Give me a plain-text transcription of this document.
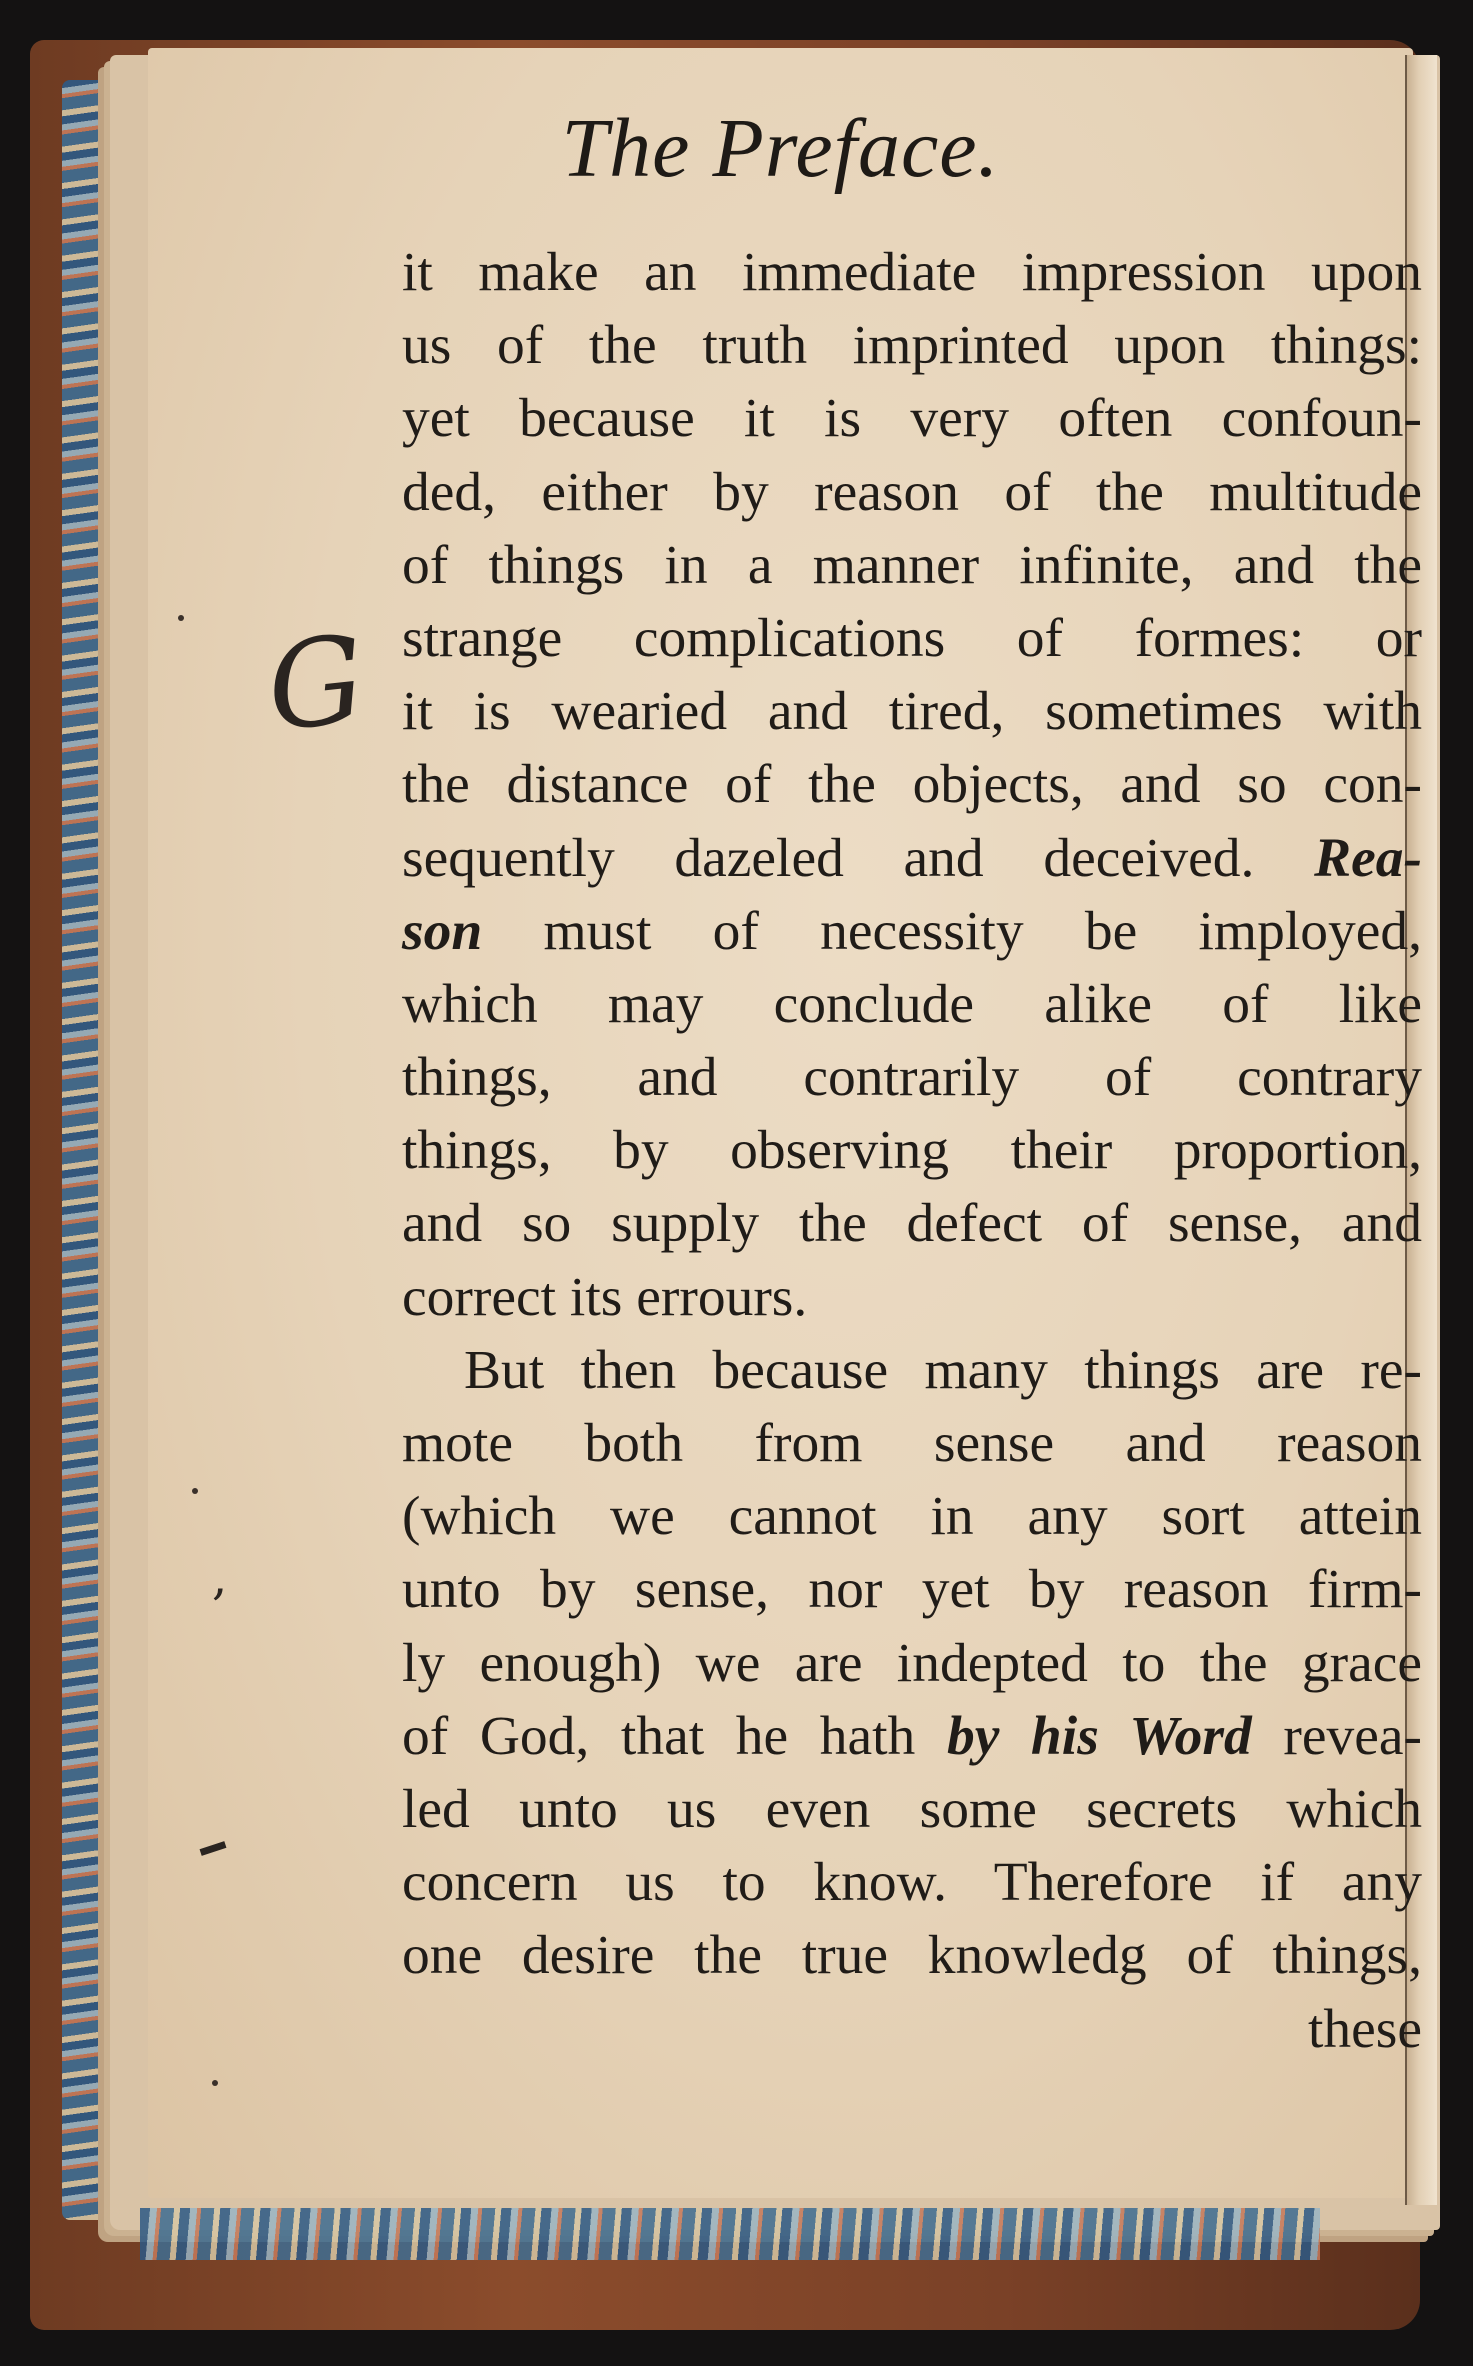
The Preface.
G
,
it make an immediate impression upon
us of the truth imprinted upon things:
yet because it is very often confoun-
ded, either by reason of the multitude
of things in a manner infinite, and the
strange complications of formes: or
it is wearied and tired, sometimes with
the distance of the objects, and so con-
sequently dazeled and deceived. Rea-
son must of necessity be imployed,
which may conclude alike of like
things, and contrarily of contrary
things, by observing their proportion,
and so supply the defect of sense, and
correct its errours.
But then because many things are re-
mote both from sense and reason
(which we cannot in any sort attein
unto by sense, nor yet by reason firm-
ly enough) we are indepted to the grace
of God, that he hath by his Word revea-
led unto us even some secrets which
concern us to know. Therefore if any
one desire the true knowledg of things,
these
